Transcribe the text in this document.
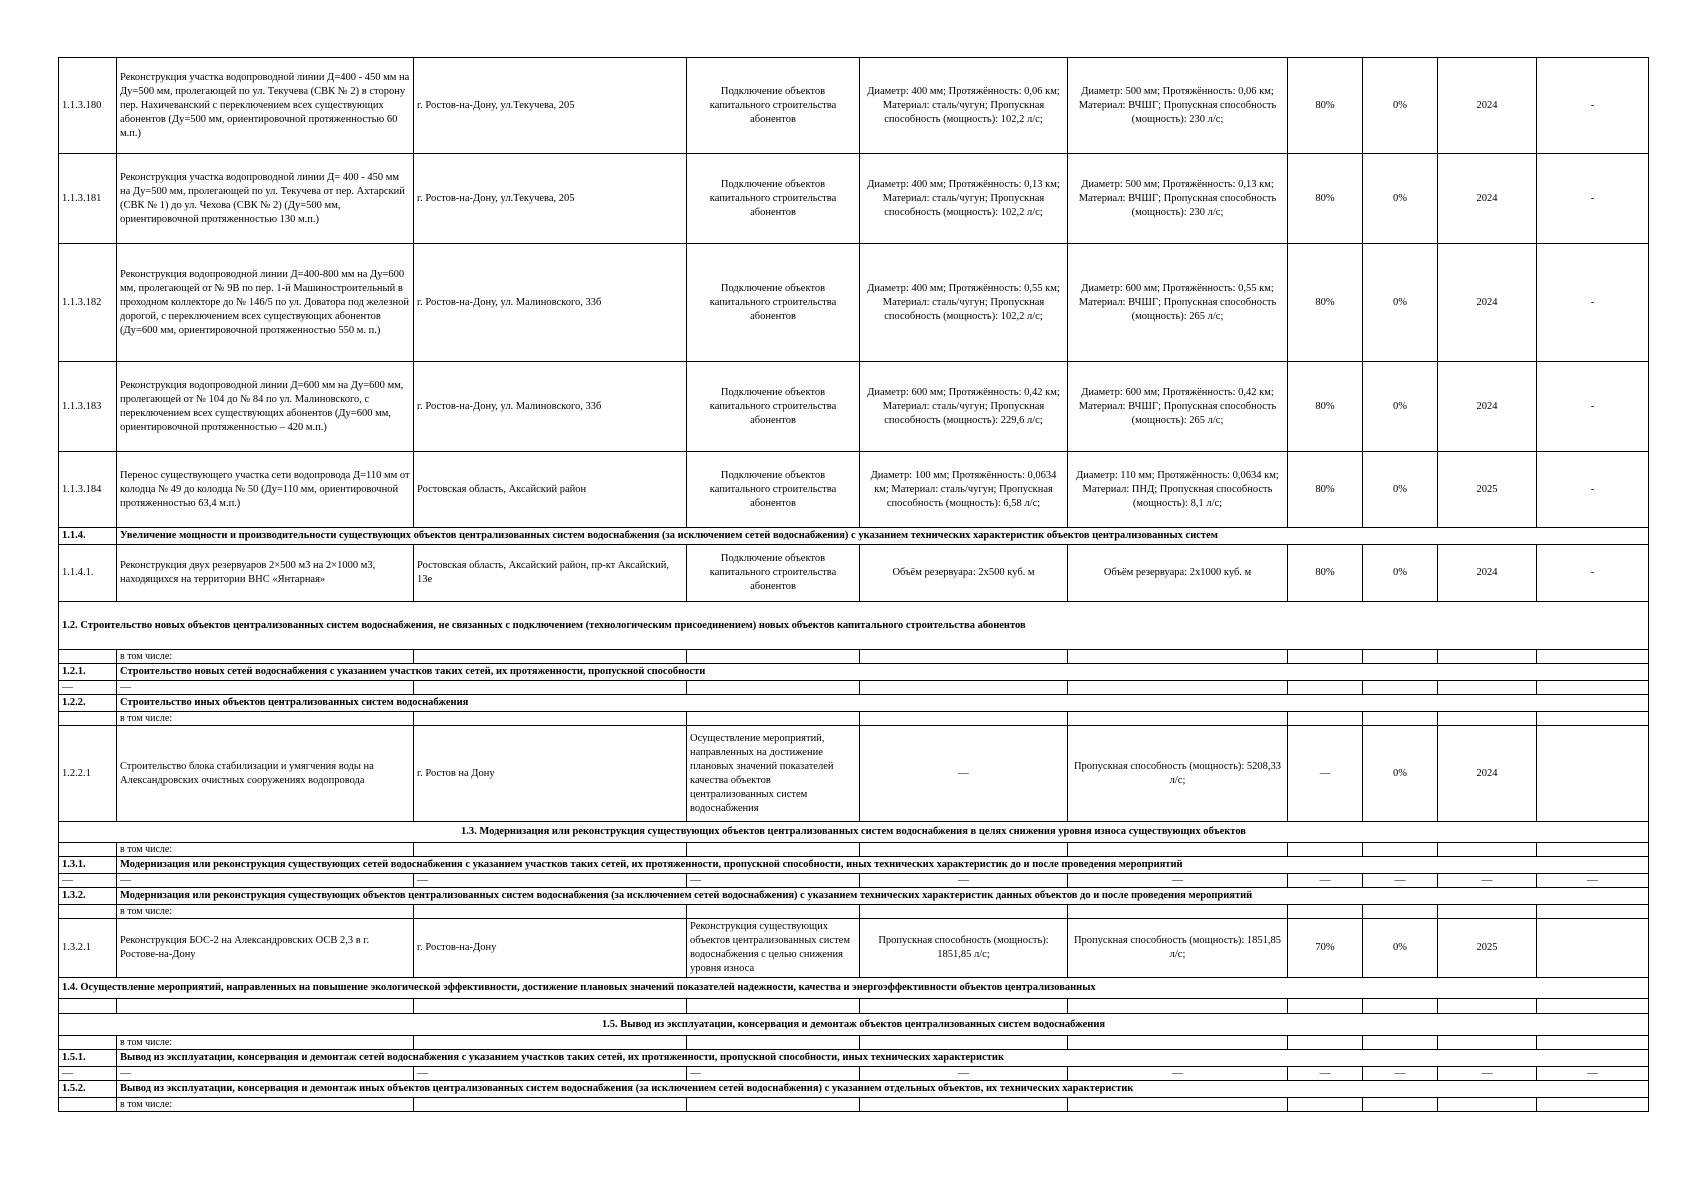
1.1.3.180	Реконструкция участка водопроводной линии Д=400 - 450 мм на Ду=500 мм, пролегающей по ул. Текучева (СВК № 2) в сторону пер. Нахичеванский с переключением всех существующих абонентов (Ду=500 мм, ориентировочной протяженностью 60 м.п.)	г. Ростов-на-Дону, ул.Текучева, 205	Подключение объектов капитального строительства абонентов	Диаметр: 400 мм; Протяжённость: 0,06 км; Материал: сталь/чугун; Пропускная способность (мощность): 102,2 л/с;	Диаметр: 500 мм; Протяжённость: 0,06 км; Материал: ВЧШГ; Пропускная способность (мощность): 230 л/с;	80%	0%	2024	-
1.1.3.181	Реконструкция участка водопроводной линии Д= 400 - 450 мм на Ду=500 мм, пролегающей по ул. Текучева от пер. Ахтарский (СВК № 1) до ул. Чехова (СВК № 2) (Ду=500 мм, ориентировочной протяженностью 130 м.п.)	г. Ростов-на-Дону, ул.Текучева, 205	Подключение объектов капитального строительства абонентов	Диаметр: 400 мм; Протяжённость: 0,13 км; Материал: сталь/чугун; Пропускная способность (мощность): 102,2 л/с;	Диаметр: 500 мм; Протяжённость: 0,13 км; Материал: ВЧШГ; Пропускная способность (мощность): 230 л/с;	80%	0%	2024	-
1.1.3.182	Реконструкция водопроводной линии Д=400-800 мм на Ду=600 мм, пролегающей от № 9В по пер. 1-й Машиностроительный в проходном коллекторе до № 146/5 по ул. Доватора под железной дорогой, с переключением всех существующих абонентов (Ду=600 мм, ориентировочной протяженностью 550 м. п.)	г. Ростов-на-Дону, ул. Малиновского, 33б	Подключение объектов капитального строительства абонентов	Диаметр: 400 мм; Протяжённость: 0,55 км; Материал: сталь/чугун; Пропускная способность (мощность): 102,2 л/с;	Диаметр: 600 мм; Протяжённость: 0,55 км; Материал: ВЧШГ; Пропускная способность (мощность): 265 л/с;	80%	0%	2024	-
1.1.3.183	Реконструкция водопроводной линии Д=600 мм на Ду=600 мм, пролегающей от № 104 до № 84 по ул. Малиновского, с переключением всех существующих абонентов (Ду=600 мм, ориентировочной протяженностью – 420 м.п.)	г. Ростов-на-Дону, ул. Малиновского, 33б	Подключение объектов капитального строительства абонентов	Диаметр: 600 мм; Протяжённость: 0,42 км; Материал: сталь/чугун; Пропускная способность (мощность): 229,6 л/с;	Диаметр: 600 мм; Протяжённость: 0,42 км; Материал: ВЧШГ; Пропускная способность (мощность): 265 л/с;	80%	0%	2024	-
1.1.3.184	Перенос существующего участка сети водопровода Д=110 мм от колодца № 49 до колодца № 50 (Ду=110 мм, ориентировочной протяженностью 63,4 м.п.)	Ростовская область, Аксайский район	Подключение объектов капитального строительства абонентов	Диаметр: 100 мм; Протяжённость: 0,0634 км; Материал: сталь/чугун; Пропускная способность (мощность): 6,58 л/с;	Диаметр: 110 мм; Протяжённость: 0,0634 км; Материал: ПНД; Пропускная способность (мощность): 8,1 л/с;	80%	0%	2025	-
1.1.4.	Увеличение мощности и производительности существующих объектов централизованных систем водоснабжения (за исключением сетей водоснабжения) с указанием технических характеристик объектов централизованных систем								
1.1.4.1.	Реконструкция двух резервуаров 2×500 м3 на 2×1000 м3, находящихся на территории ВНС «Янтарная»	Ростовская область, Аксайский район, пр-кт Аксайский, 13е	Подключение объектов капитального строительства абонентов	Объём резервуара: 2х500 куб. м	Объём резервуара: 2х1000 куб. м	80%	0%	2024	-
1.2. Строительство новых объектов централизованных систем водоснабжения, не связанных с подключением (технологическим присоединением) новых объектов капитального строительства абонентов									
	в том числе:								
1.2.1.	Строительство новых сетей водоснабжения с указанием участков таких сетей, их протяженности, пропускной способности								
—	—								
1.2.2.	Строительство иных объектов централизованных систем водоснабжения								
	в том числе:								
1.2.2.1	Строительство блока стабилизации и умягчения воды на Александровских очистных сооружениях водопровода	г. Ростов на Дону	Осуществление мероприятий, направленных на достижение плановых значений показателей качества объектов централизованных систем водоснабжения	—	Пропускная способность (мощность): 5208,33 л/с;	—	0%	2024	
1.3. Модернизация или реконструкция существующих объектов централизованных систем водоснабжения в целях снижения уровня износа существующих объектов									
	в том числе:								
1.3.1.	Модернизация или реконструкция существующих сетей водоснабжения с указанием участков таких сетей, их протяженности, пропускной способности, иных технических характеристик до и после проведения мероприятий								
—	—	—	—	—	—	—	—	—	—
1.3.2.	Модернизация или реконструкция существующих объектов централизованных систем водоснабжения (за исключением сетей водоснабжения) с указанием технических характеристик данных объектов до и после проведения мероприятий								
	в том числе:								
1.3.2.1	Реконструкция БОС-2 на Александровских ОСВ 2,3 в г. Ростове-на-Дону	г. Ростов-на-Дону	Реконструкция существующих объектов централизованных систем водоснабжения с целью снижения уровня износа	Пропускная способность (мощность): 1851,85 л/с;	Пропускная способность (мощность): 1851,85 л/с;	70%	0%	2025	
1.4. Осуществление мероприятий, направленных на повышение экологической эффективности, достижение плановых значений показателей надежности, качества и энергоэффективности объектов централизованных									

1.5. Вывод из эксплуатации, консервация и демонтаж объектов централизованных систем водоснабжения									
	в том числе:								
1.5.1.	Вывод из эксплуатации, консервация и демонтаж сетей водоснабжения с указанием участков таких сетей, их протяженности, пропускной способности, иных технических характеристик								
—	—	—	—	—	—	—	—	—	—
1.5.2.	Вывод из эксплуатации, консервация и демонтаж иных объектов централизованных систем водоснабжения (за исключением сетей водоснабжения) с указанием отдельных объектов, их технических характеристик								
	в том числе:								
